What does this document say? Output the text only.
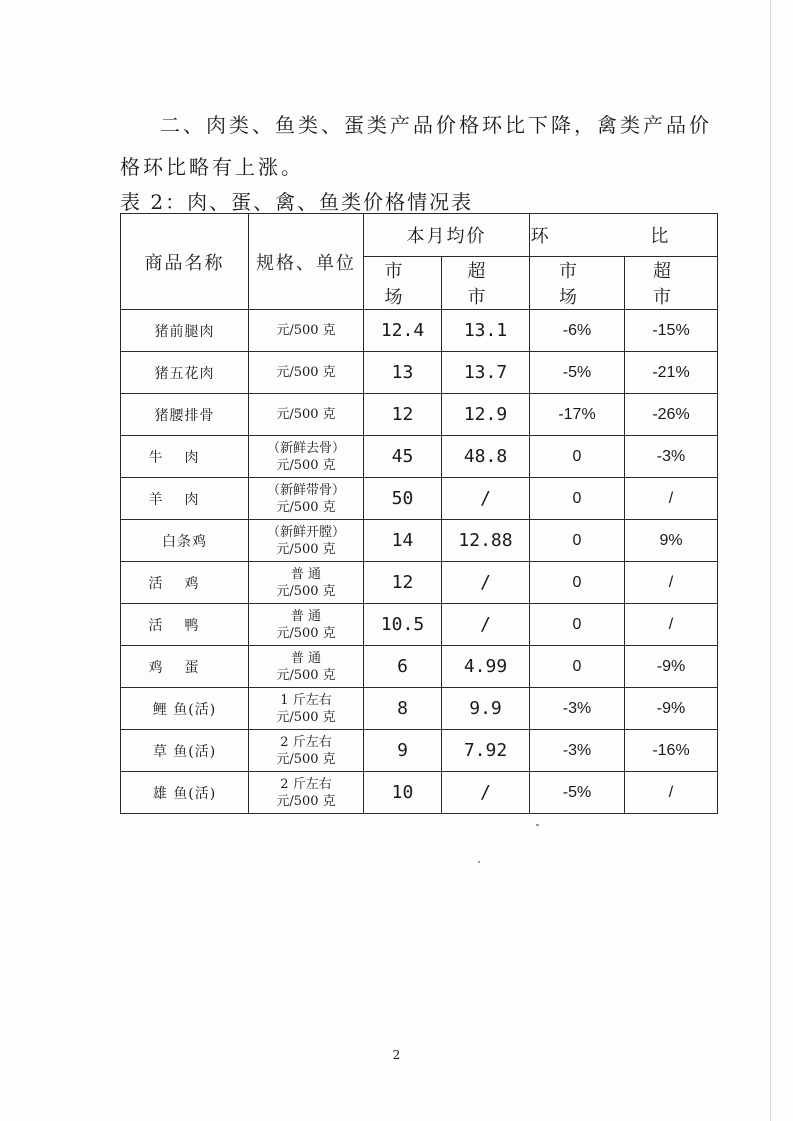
二、肉类、鱼类、蛋类产品价格环比下降，禽类产品价
格环比略有上涨。
表 2：肉、蛋、禽、鱼类价格情况表
商品名称	规格、单位	本月均价		环 比	
		市 场	超 市	市 场	超 市
猪前腿肉	元/500 克	12.4	13.1	-6%	-15%
猪五花肉	元/500 克	13	13.7	-5%	-21%
猪腰排骨	元/500 克	12	12.9	-17%	-26%
牛肉	（新鲜去骨）
元/500 克	45	48.8	0	-3%
羊肉	（新鲜带骨）
元/500 克	50	/	0	/
白条鸡	（新鲜开膛）
元/500 克	14	12.88	0	9%
活鸡	普 通
元/500 克	12	/	0	/
活鸭	普 通
元/500 克	10.5	/	0	/
鸡蛋	普 通
元/500 克	6	4.99	0	-9%
鲤 鱼(活)	1 斤左右
元/500 克	8	9.9	-3%	-9%
草 鱼(活)	2 斤左右
元/500 克	9	7.92	-3%	-16%
雄 鱼(活)	2 斤左右
元/500 克	10	/	-5%	/
2
